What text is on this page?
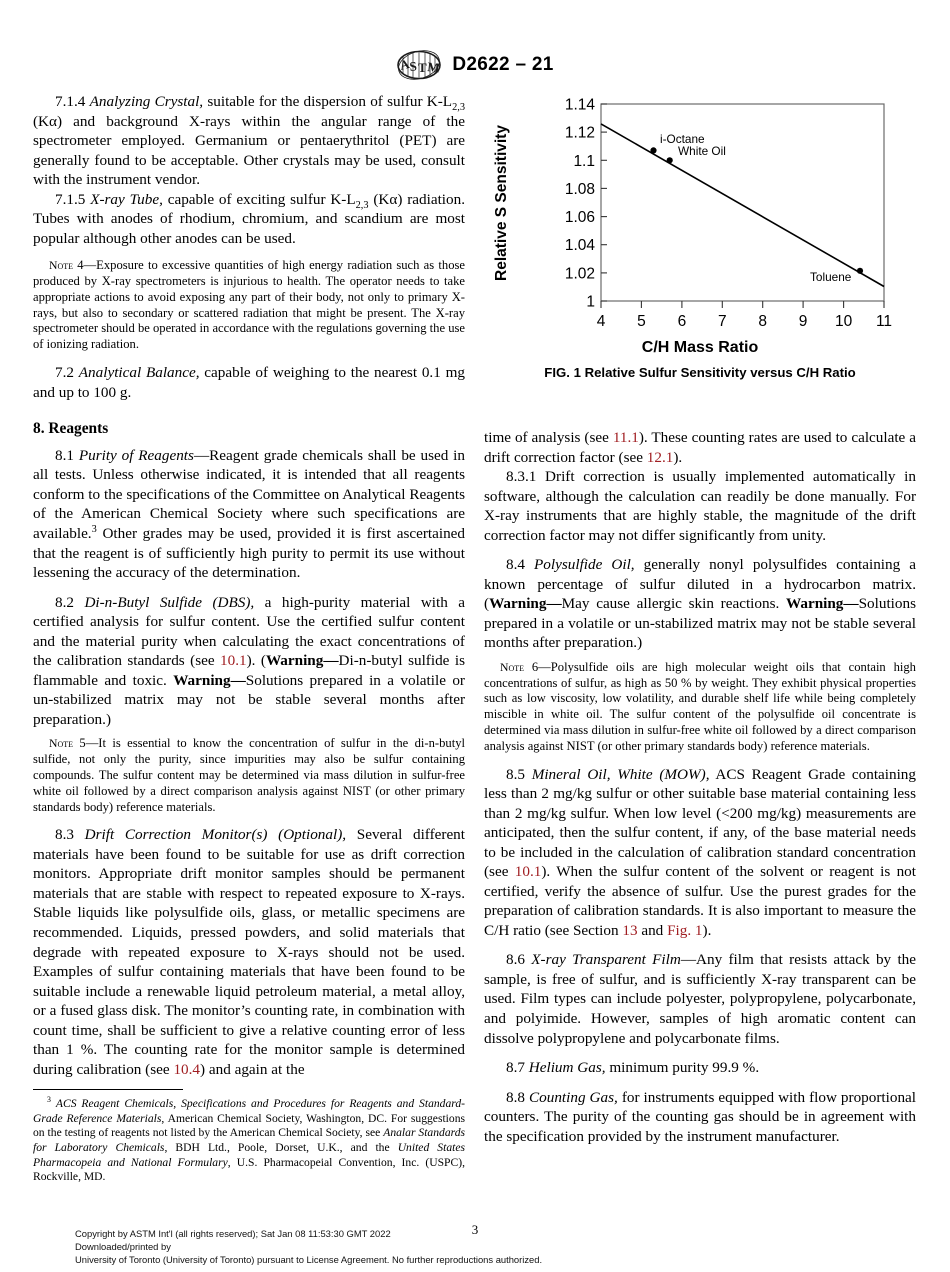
A
S T M D2622 – 21

7.1.4 Analyzing Crystal, suitable for the dispersion of sulfur $K-L_{2,3}$ (Kα) and background X-rays within the angular range of the spectrometer employed. Germanium or pentaerythritol (PET) are generally found to be acceptable. Other crystals may be used, consult with the instrument vendor.

7.1.5 X-ray Tube, capable of exciting sulfur $K-L_{2,3}$ (Kα) radiation. Tubes with anodes of rhodium, chromium, and scandium are most popular although other anodes can be used.

Note 4—Exposure to excessive quantities of high energy radiation such as those produced by X-ray spectrometers is injurious to health. The operator needs to take appropriate actions to avoid exposing any part of their body, not only to primary X-rays, but also to secondary or scattered radiation that might be present. The X-ray spectrometer should be operated in accordance with the regulations governing the use of ionizing radiation.

7.2 Analytical Balance, capable of weighing to the nearest 0.1 mg and up to 100 g.

8. Reagents

8.1 Purity of Reagents—Reagent grade chemicals shall be used in all tests. Unless otherwise indicated, it is intended that all reagents conform to the specifications of the Committee on Analytical Reagents of the American Chemical Society where such specifications are available.$^3$ Other grades may be used, provided it is first ascertained that the reagent is of sufficiently high purity to permit its use without lessening the accuracy of the determination.

8.2 Di-n-Butyl Sulfide (DBS), a high-purity material with a certified analysis for sulfur content. Use the certified sulfur content and the material purity when calculating the exact concentrations of the calibration standards (see 10.1). (Warning—Di-n-butyl sulfide is flammable and toxic. Warning—Solutions prepared in a volatile or un-stabilized matrix may not be stable several months after preparation.)

Note 5—It is essential to know the concentration of sulfur in the di-n-butyl sulfide, not only the purity, since impurities may also be sulfur containing compounds. The sulfur content may be determined via mass dilution in sulfur-free white oil followed by a direct comparison analysis against NIST (or other primary standards body) reference materials.

8.3 Drift Correction Monitor(s) (Optional), Several different materials have been found to be suitable for use as drift correction monitors. Appropriate drift monitor samples should be permanent materials that are stable with respect to repeated exposure to X-rays. Stable liquids like polysulfide oils, glass, or metallic specimens are recommended. Liquids, pressed powders, and solid materials that degrade with repeated exposure to X-rays should not be used. Examples of sulfur containing materials that have been found to be suitable include a renewable liquid petroleum material, a metal alloy, or a fused glass disk. The monitor’s counting rate, in combination with count time, shall be sufficient to give a relative counting error of less than 1 %. The counting rate for the monitor sample is determined during calibration (see 10.4) and again at the

$^3$ ACS Reagent Chemicals, Specifications and Procedures for Reagents and Standard-Grade Reference Materials, American Chemical Society, Washington, DC. For suggestions on the testing of reagents not listed by the American Chemical Society, see Analar Standards for Laboratory Chemicals, BDH Ltd., Poole, Dorset, U.K., and the United States Pharmacopeia and National Formulary, U.S. Pharmacopeial Convention, Inc. (USPC), Rockville, MD.

1
1.02
1.04
1.06
1.08
1.1
1.12
1.14
4 5 6 7 8 9 10 11
Relative S Sensitivity	i-Octane
White Oil
Toluene
C/H Mass Ratio
FIG. 1 Relative Sulfur Sensitivity versus C/H Ratio

time of analysis (see 11.1). These counting rates are used to calculate a drift correction factor (see 12.1).

8.3.1 Drift correction is usually implemented automatically in software, although the calculation can readily be done manually. For X-ray instruments that are highly stable, the magnitude of the drift correction factor may not differ significantly from unity.

8.4 Polysulfide Oil, generally nonyl polysulfides containing a known percentage of sulfur diluted in a hydrocarbon matrix. (Warning—May cause allergic skin reactions. Warning—Solutions prepared in a volatile or un-stabilized matrix may not be stable several months after preparation.)

Note 6—Polysulfide oils are high molecular weight oils that contain high concentrations of sulfur, as high as 50 % by weight. They exhibit physical properties such as low viscosity, low volatility, and durable shelf life while being completely miscible in white oil. The sulfur content of the polysulfide oil concentrate is determined via mass dilution in sulfur-free white oil followed by a direct comparison analysis against NIST (or other primary standards body) reference materials.

8.5 Mineral Oil, White (MOW), ACS Reagent Grade containing less than 2 mg/kg sulfur or other suitable base material containing less than 2 mg/kg sulfur. When low level (<200 mg/kg) measurements are anticipated, then the sulfur content, if any, of the base material needs to be included in the calculation of calibration standard concentration (see 10.1). When the sulfur content of the solvent or reagent is not certified, verify the absence of sulfur. Use the purest grades for the preparation of calibration standards. It is also important to measure the C/H ratio (see Section 13 and Fig. 1).

8.6 X-ray Transparent Film—Any film that resists attack by the sample, is free of sulfur, and is sufficiently X-ray transparent can be used. Film types can include polyester, polypropylene, polycarbonate, and polyimide. However, samples of high aromatic content can dissolve polypropylene and polycarbonate films.

8.7 Helium Gas, minimum purity 99.9 %.

8.8 Counting Gas, for instruments equipped with flow proportional counters. The purity of the counting gas should be in agreement with the specification provided by the instrument manufacturer.

3
Copyright by ASTM Int'l (all rights reserved); Sat Jan 08 11:53:30 GMT 2022
Downloaded/printed by
University of Toronto (University of Toronto) pursuant to License Agreement. No further reproductions authorized.
